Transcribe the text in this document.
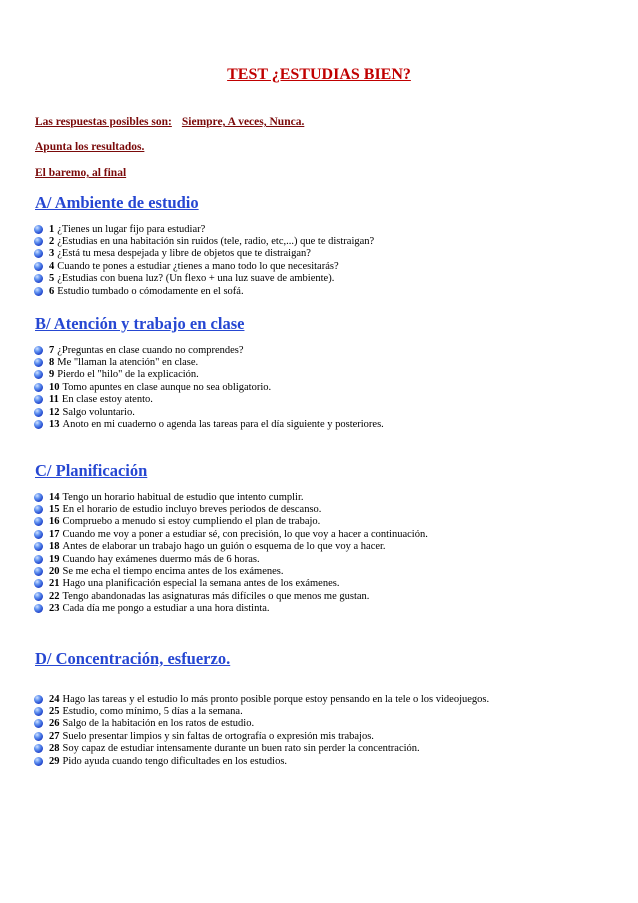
TEST ¿ESTUDIAS BIEN?
Las respuestas posibles son: Siempre, A veces, Nunca.
Apunta los resultados.
El baremo, al final
A/ Ambiente de estudio
1 ¿Tienes un lugar fijo para estudiar?
2 ¿Estudias en una habitación sin ruidos (tele, radio, etc,...) que te distraigan?
3 ¿Está tu mesa despejada y libre de objetos que te distraigan?
4 Cuando te pones a estudiar ¿tienes a mano todo lo que necesitarás?
5 ¿Estudias con buena luz? (Un flexo + una luz suave de ambiente).
6 Estudio tumbado o cómodamente en el sofá.
B/ Atención y trabajo en clase
7 ¿Preguntas en clase cuando no comprendes?
8 Me "llaman la atención" en clase.
9 Pierdo el "hilo" de la explicación.
10 Tomo apuntes en clase aunque no sea obligatorio.
11 En clase estoy atento.
12 Salgo voluntario.
13 Anoto en mi cuaderno o agenda las tareas para el día siguiente y posteriores.
C/ Planificación
14 Tengo un horario habitual de estudio que intento cumplir.
15 En el horario de estudio incluyo breves periodos de descanso.
16 Compruebo a menudo si estoy cumpliendo el plan de trabajo.
17 Cuando me voy a poner a estudiar sé, con precisión, lo que voy a hacer a continuación.
18 Antes de elaborar un trabajo hago un guión o esquema de lo que voy a hacer.
19 Cuando hay exámenes duermo más de 6 horas.
20 Se me echa el tiempo encima antes de los exámenes.
21 Hago una planificación especial la semana antes de los exámenes.
22 Tengo abandonadas las asignaturas más difíciles o que menos me gustan.
23 Cada día me pongo a estudiar a una hora distinta.
D/ Concentración, esfuerzo.
24 Hago las tareas y el estudio lo más pronto posible porque estoy pensando en la tele o los videojuegos.
25 Estudio, como mínimo, 5 días a la semana.
26 Salgo de la habitación en los ratos de estudio.
27 Suelo presentar limpios y sin faltas de ortografía o expresión mis trabajos.
28 Soy capaz de estudiar intensamente durante un buen rato sin perder la concentración.
29 Pido ayuda cuando tengo dificultades en los estudios.
